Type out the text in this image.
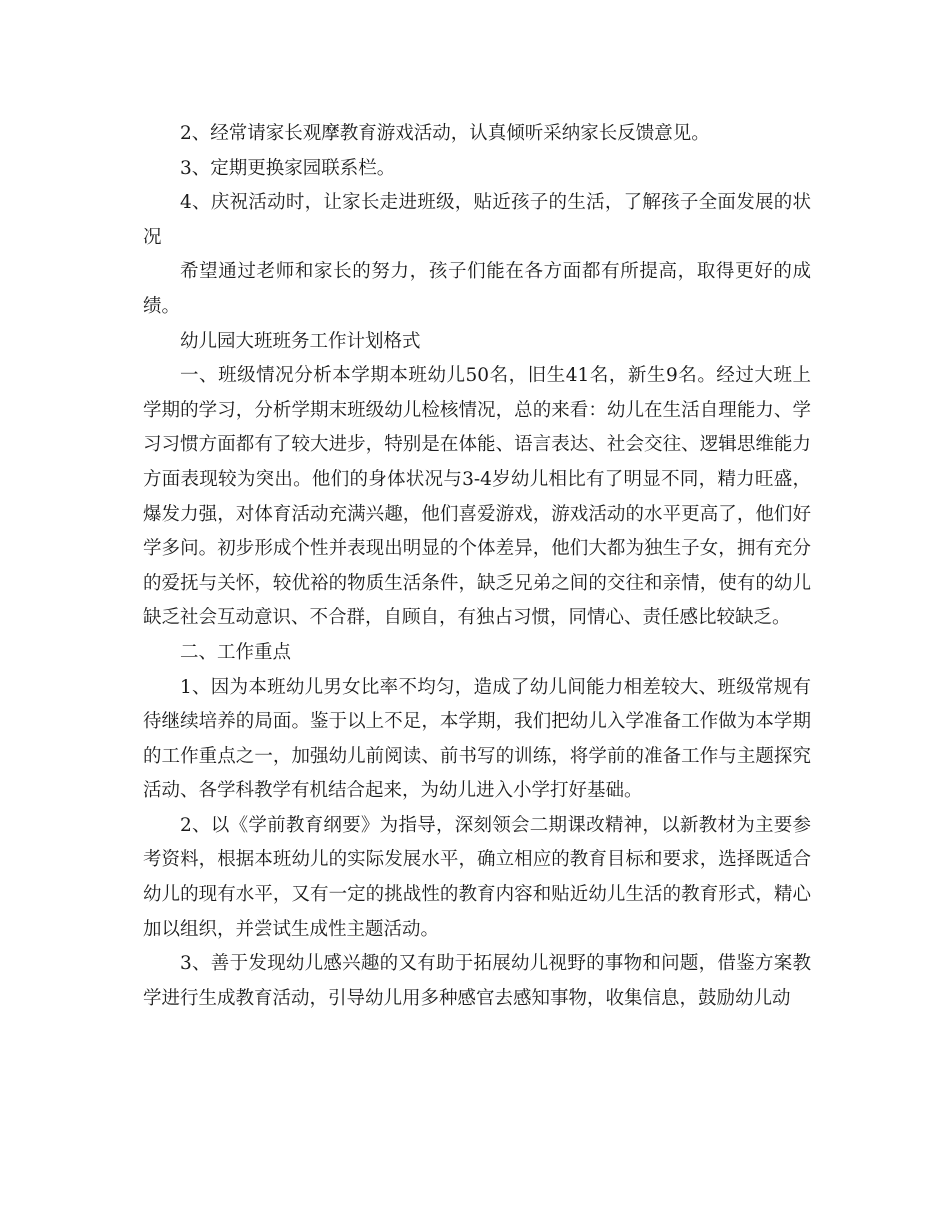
2、经常请家长观摩教育游戏活动，认真倾听采纳家长反馈意见。

3、定期更换家园联系栏。

4、庆祝活动时，让家长走进班级，贴近孩子的生活，了解孩子全面发展的状况

希望通过老师和家长的努力，孩子们能在各方面都有所提高，取得更好的成绩。

幼儿园大班班务工作计划格式

一、班级情况分析本学期本班幼儿50名，旧生41名，新生9名。经过大班上学期的学习，分析学期末班级幼儿检核情况，总的来看：幼儿在生活自理能力、学习习惯方面都有了较大进步，特别是在体能、语言表达、社会交往、逻辑思维能力方面表现较为突出。他们的身体状况与3-4岁幼儿相比有了明显不同，精力旺盛，爆发力强，对体育活动充满兴趣，他们喜爱游戏，游戏活动的水平更高了，他们好学多问。初步形成个性并表现出明显的个体差异，他们大都为独生子女，拥有充分的爱抚与关怀，较优裕的物质生活条件，缺乏兄弟之间的交往和亲情，使有的幼儿缺乏社会互动意识、不合群，自顾自，有独占习惯，同情心、责任感比较缺乏。

二、工作重点

1、因为本班幼儿男女比率不均匀，造成了幼儿间能力相差较大、班级常规有待继续培养的局面。鉴于以上不足，本学期，我们把幼儿入学准备工作做为本学期的工作重点之一，加强幼儿前阅读、前书写的训练，将学前的准备工作与主题探究活动、各学科教学有机结合起来，为幼儿进入小学打好基础。

2、以《学前教育纲要》为指导，深刻领会二期课改精神，以新教材为主要参考资料，根据本班幼儿的实际发展水平，确立相应的教育目标和要求，选择既适合幼儿的现有水平，又有一定的挑战性的教育内容和贴近幼儿生活的教育形式，精心加以组织，并尝试生成性主题活动。

3、善于发现幼儿感兴趣的又有助于拓展幼儿视野的事物和问题，借鉴方案教学进行生成教育活动，引导幼儿用多种感官去感知事物，收集信息，鼓励幼儿动
